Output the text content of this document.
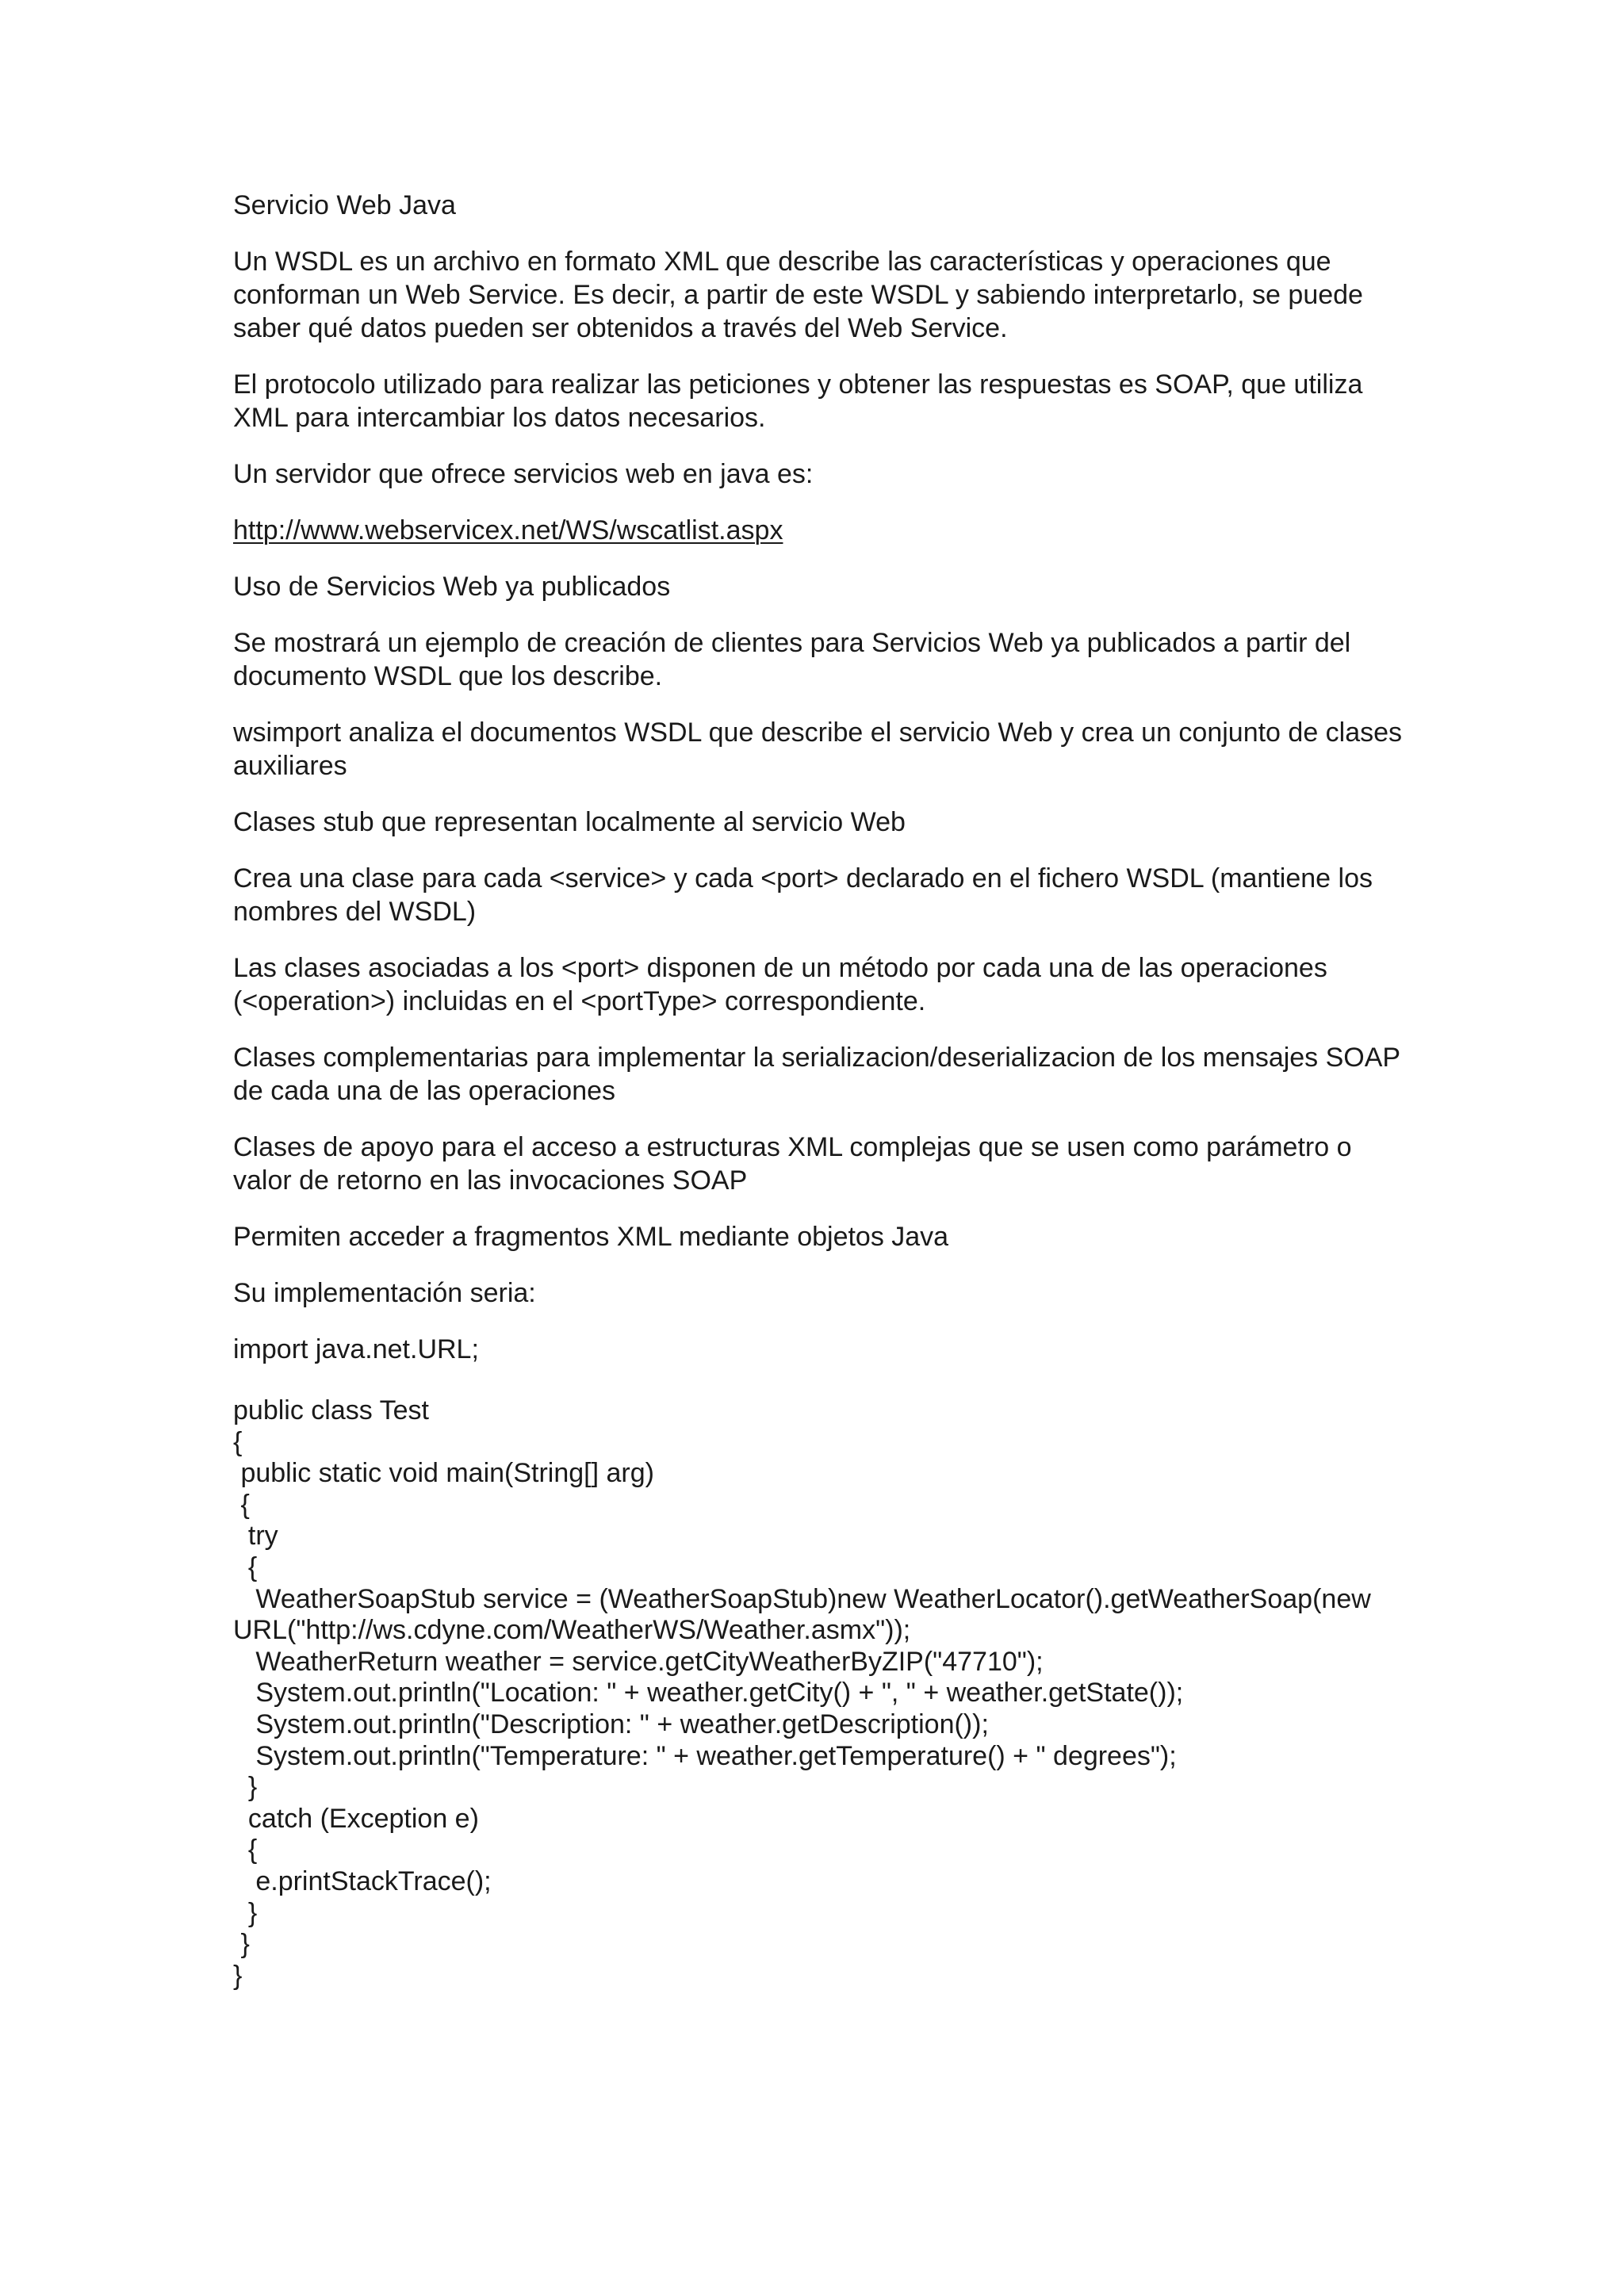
Servicio Web Java

Un WSDL es un archivo en formato XML que describe las características y operaciones que conforman un Web Service. Es decir, a partir de este WSDL y sabiendo interpretarlo, se puede saber qué datos pueden ser obtenidos a través del Web Service.

El protocolo utilizado para realizar las peticiones y obtener las respuestas es SOAP, que utiliza XML para intercambiar los datos necesarios.

Un servidor que ofrece servicios web en java es:

http://www.webservicex.net/WS/wscatlist.aspx

Uso de Servicios Web ya publicados

Se mostrará un ejemplo de creación de clientes para Servicios Web ya publicados a partir del documento WSDL que los describe.

wsimport analiza el documentos WSDL que describe el servicio Web y crea un conjunto de clases auxiliares

Clases stub que representan localmente al servicio Web

Crea una clase para cada <service> y cada <port> declarado en el fichero WSDL (mantiene los nombres del WSDL)

Las clases asociadas a los <port> disponen de un método por cada una de las operaciones (<operation>) incluidas en el <portType> correspondiente.

Clases complementarias para implementar la serializacion/deserializacion de los mensajes SOAP de cada una de las operaciones

Clases de apoyo para el acceso a estructuras XML complejas que se usen como parámetro o valor de retorno en las invocaciones SOAP

Permiten acceder a fragmentos XML mediante objetos Java

Su implementación seria:

import java.net.URL;

public class Test
{
public static void main(String[] arg)
{
try
{
WeatherSoapStub service = (WeatherSoapStub)new WeatherLocator().getWeatherSoap(new URL("http://ws.cdyne.com/WeatherWS/Weather.asmx"));
WeatherReturn weather = service.getCityWeatherByZIP("47710");
System.out.println("Location: " + weather.getCity() + ", " + weather.getState());
System.out.println("Description: " + weather.getDescription());
System.out.println("Temperature: " + weather.getTemperature() + " degrees");
}
catch (Exception e)
{
e.printStackTrace();
}
}
}
